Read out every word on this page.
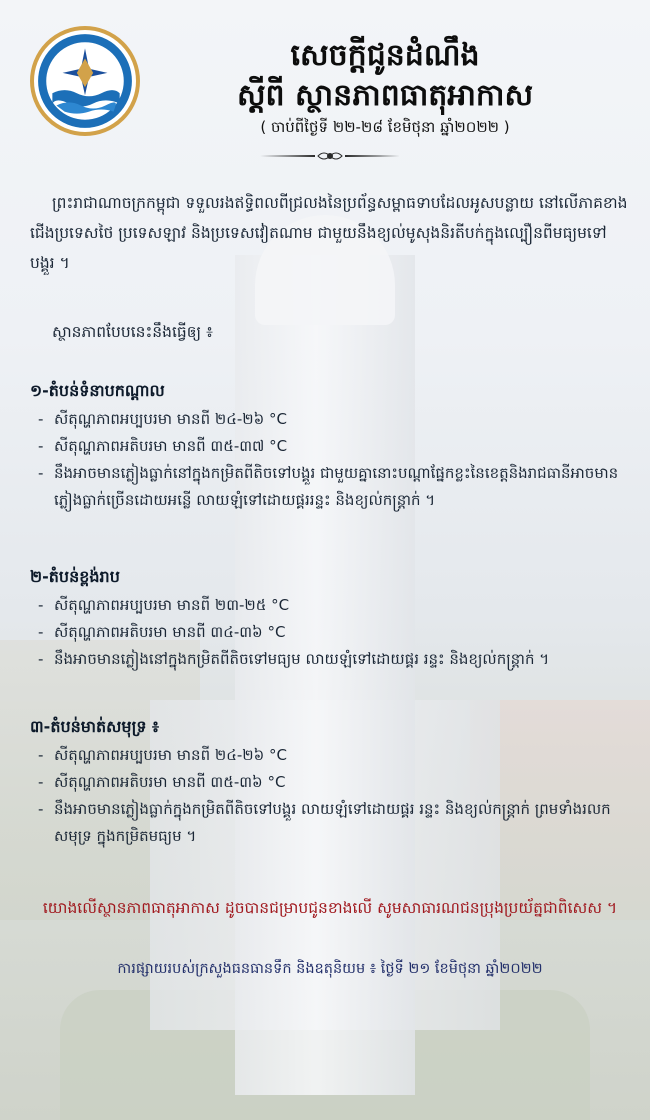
សេចក្ដីជូនដំណឹង
ស្ដីពី ស្ថានភាពធាតុអាកាស
( ចាប់ពីថ្ងៃទី ២២-២៨ ខែមិថុនា ឆ្នាំ២០២២ )

ព្រះរាជាណាចក្រកម្ពុជា ទទួលរងឥទ្ធិពលពីជ្រលងនៃប្រព័ន្ធសម្ពាធទាបដែលអូសបន្លាយ នៅលើភាគខាងជើងប្រទេសថៃ ប្រទេសឡាវ និងប្រទេសវៀតណាម ជាមួយនឹងខ្យល់មូសុងនិរតីបក់ក្នុងល្បឿនពីមធ្យមទៅបង្គួរ ។

ស្ថានភាពបែបនេះនឹងធ្វើឲ្យ ៖
១-តំបន់ទំនាបកណ្ដាល
- សីតុណ្ហភាពអប្បបរមា មានពី ២៤-២៦ °C
- សីតុណ្ហភាពអតិបរមា មានពី ៣៥-៣៧ °C
- នឹងអាចមានភ្លៀងធ្លាក់នៅក្នុងកម្រិតពីតិចទៅបង្គួរ ជាមួយគ្នានោះបណ្ដាផ្នែកខ្លះនៃខេត្តនិងរាជធានីអាចមានភ្លៀងធ្លាក់ច្រើនដោយអន្លើ លាយឡំទៅដោយផ្គររន្ទះ និងខ្យល់កន្ត្រាក់ ។
២-តំបន់ខ្ពង់រាប
- សីតុណ្ហភាពអប្បបរមា មានពី ២៣-២៥ °C
- សីតុណ្ហភាពអតិបរមា មានពី ៣៤-៣៦ °C
- នឹងអាចមានភ្លៀងនៅក្នុងកម្រិតពីតិចទៅមធ្យម លាយឡំទៅដោយផ្គរ រន្ទះ និងខ្យល់កន្ត្រាក់ ។
៣-តំបន់មាត់សមុទ្រ ៖
- សីតុណ្ហភាពអប្បបរមា មានពី ២៤-២៦ °C
- សីតុណ្ហភាពអតិបរមា មានពី ៣៥-៣៦ °C
- នឹងអាចមានភ្លៀងធ្លាក់ក្នុងកម្រិតពីតិចទៅបង្គួរ លាយឡំទៅដោយផ្គរ រន្ទះ និងខ្យល់កន្ត្រាក់ ព្រមទាំងរលកសមុទ្រ ក្នុងកម្រិតមធ្យម ។
យោងលើស្ថានភាពធាតុអាកាស ដូចបានជម្រាបជូនខាងលើ សូមសាធារណជនប្រុងប្រយ័ត្នជាពិសេស ។
ការផ្សាយរបស់ក្រសួងធនធានទឹក និងឧតុនិយម ៖ ថ្ងៃទី ២១ ខែមិថុនា ឆ្នាំ២០២២
